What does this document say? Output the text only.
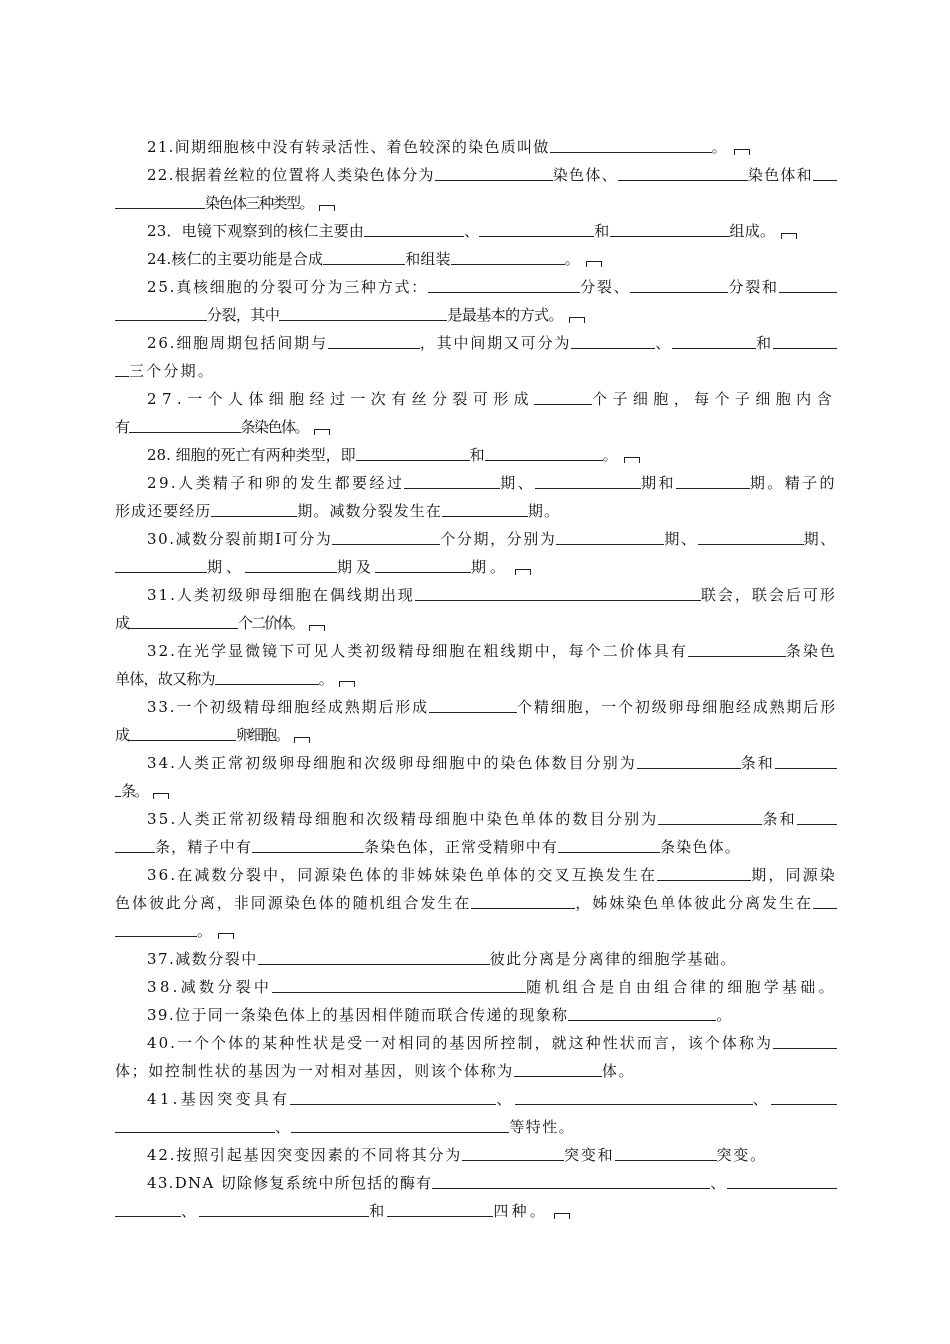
21.间期细胞核中没有转录活性、着色较深的染色质叫做	。
22.根据着丝粒的位置将人类染色体分为	染色体、	染色体和
染色体三种类型。
23．电镜下观察到的核仁主要由	、	和	组成。
24.核仁的主要功能是合成	和组装	。
25.真核细胞的分裂可分为三种方式：	分裂、	分裂和
分裂，其中	是最基本的方式。
26.细胞周期包括间期与	，其中间期又可分为	、	和
三个分期。
27.一个人体细胞经过一次有丝分裂可形成	个子细胞，每个子细胞内含
有	条染色体。
28. 细胞的死亡有两种类型，即	和	。
29.人类精子和卵的发生都要经过	期、	期和	期。精子的
形成还要经历	期。减数分裂发生在	期。
30.减数分裂前期Ⅰ可分为	个分期，分别为	期、	期、
期、	期及	期。
31.人类初级卵母细胞在偶线期出现	联会，联会后可形
成	个二价体。
32.在光学显微镜下可见人类初级精母细胞在粗线期中，每个二价体具有	条染色
单体，故又称为	。
33.一个初级精母细胞经成熟期后形成	个精细胞，一个初级卵母细胞经成熟期后形
成	卵细胞。
34.人类正常初级卵母细胞和次级卵母细胞中的染色体数目分别为	条和
条。
35.人类正常初级精母细胞和次级精母细胞中染色单体的数目分别为	条和
条，精子中有	条染色体，正常受精卵中有	条染色体。
36.在减数分裂中，同源染色体的非姊妹染色单体的交叉互换发生在	期，同源染
色体彼此分离，非同源染色体的随机组合发生在	，姊妹染色单体彼此分离发生在
。
37.减数分裂中	彼此分离是分离律的细胞学基础。
38.减数分裂中	随机组合是自由组合律的细胞学基础。
39.位于同一条染色体上的基因相伴随而联合传递的现象称	。
40.一个个体的某种性状是受一对相同的基因所控制，就这种性状而言，该个体称为
体；如控制性状的基因为一对相对基因，则该个体称为	体。
41.基因突变具有	、	、
、	等特性。
42.按照引起基因突变因素的不同将其分为	突变和	突变。
43.DNA 切除修复系统中所包括的酶有	、
、	和	四种。
